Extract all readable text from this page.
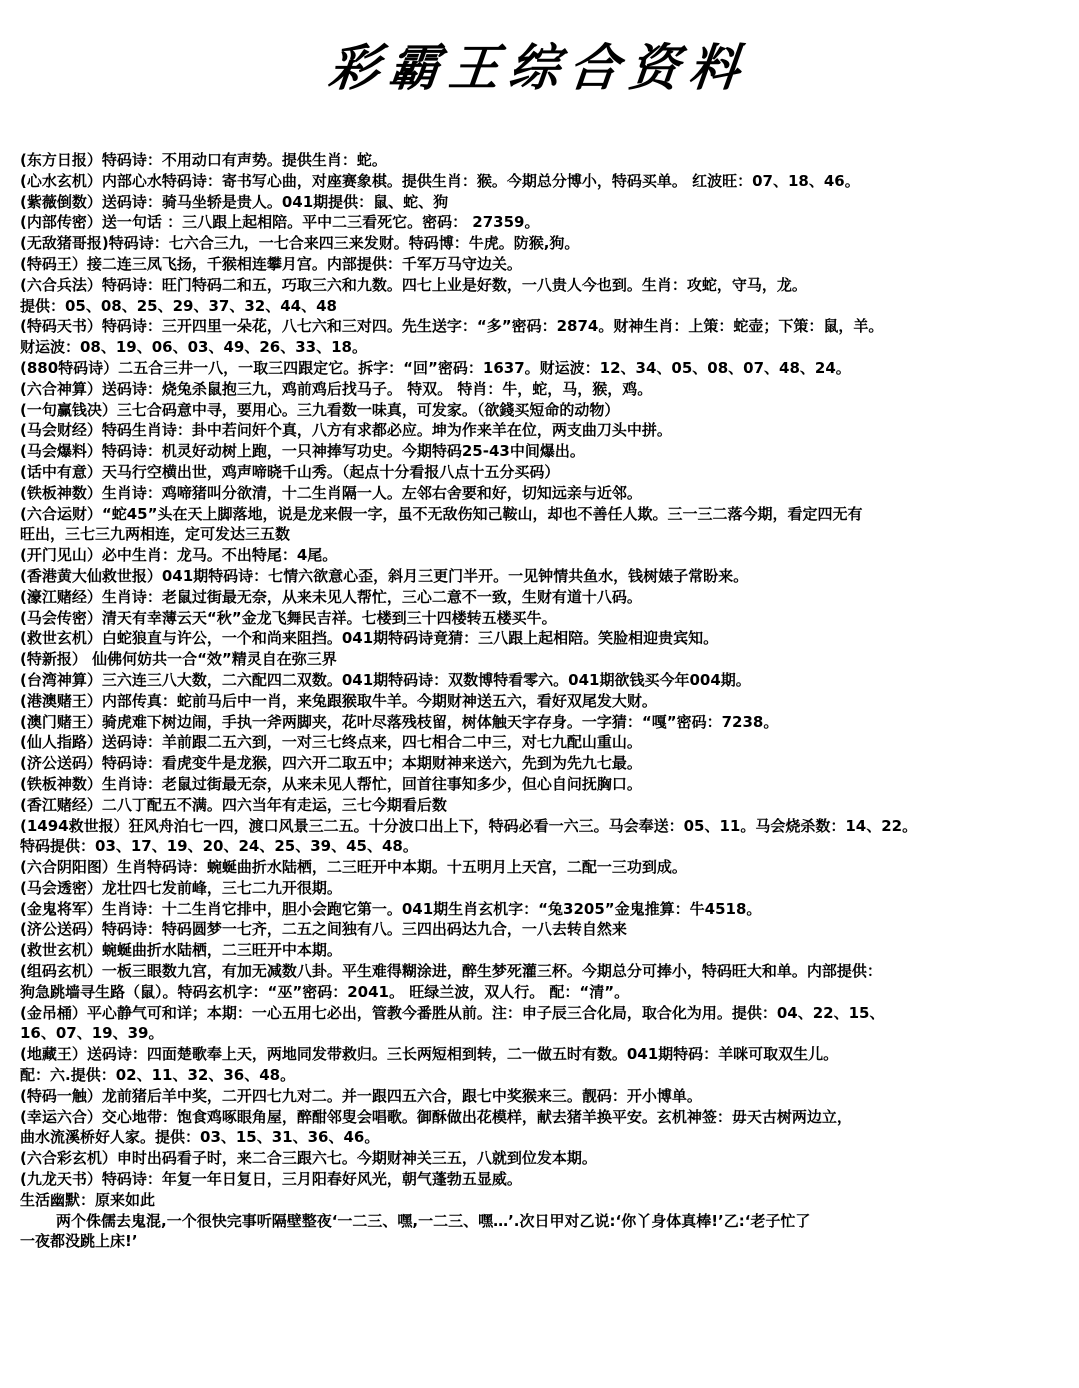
彩霸王综合资料
(东方日报）特码诗：不用动口有声势。提供生肖：蛇。
(心水玄机）内部心水特码诗：寄书写心曲，对座赛象棋。提供生肖：猴。今期总分博小，特码买单。 红波旺：07、18、46。
(紫薇倒数）送码诗：骑马坐轿是贵人。041期提供：鼠、蛇、狗
(内部传密）送一句话 ：三八跟上起相陪。平中二三看死它。密码： 27359。
(无敌猪哥报)特码诗：七六合三九，一七合来四三来发财。特码博：牛虎。防猴,狗。
(特码王）接二连三凤飞扬，千猴相连攀月宫。内部提供：千军万马守边关。
(六合兵法）特码诗：旺门特码二和五，巧取三六和九数。四七上业是好数，一八贵人今也到。生肖：攻蛇，守马，龙。
提供：05、08、25、29、37、32、44、48
(特码天书）特码诗：三开四里一朵花，八七六和三对四。先生送字：“多”密码：2874。财神生肖：上策：蛇壶；下策：鼠，羊。
财运波：08、19、06、03、49、26、33、18。
(880特码诗）二五合三井一八，一取三四跟定它。拆字：“回”密码：1637。财运波：12、34、05、08、07、48、24。
(六合神算）送码诗：烧兔杀鼠抱三九，鸡前鸡后找马子。 特双。 特肖：牛，蛇，马，猴，鸡。
(一句赢钱决）三七合码意中寻，要用心。三九看数一味真，可发家。（欲錢买短命的动物）
(马会财经）特码生肖诗：卦中若问奸个真，八方有求都必应。坤为作来羊在位，两支曲刀头中拼。
(马会爆料）特码诗：机灵好动树上跑，一只神捧写功史。今期特码25-43中间爆出。
(话中有意）天马行空横出世，鸡声啼晓千山秀。（起点十分看报八点十五分买码）
(铁板神数）生肖诗：鸡啼猪叫分欲清，十二生肖隔一人。左邻右舍要和好，切知远亲与近邻。
(六合运财）“蛇45”头在天上脚落地，说是龙来假一字，虽不无敌伤知己鞍山，却也不善任人欺。三一三二落今期，看定四无有
旺出，三七三九两相连，定可发达三五数
(开门见山）必中生肖：龙马。不出特尾：4尾。
(香港黄大仙救世报）041期特码诗：七情六欲意心歪，斜月三更门半开。一见钟情共鱼水，钱树婊子常盼来。
(濠江赌经）生肖诗：老鼠过街最无奈，从来未见人帮忙，三心二意不一致，生财有道十八码。
(马会传密）清天有幸薄云天“秋”金龙飞舞民吉祥。七楼到三十四楼转五楼买牛。
(救世玄机）白蛇狼直与许公，一个和尚来阻挡。041期特码诗竟猜：三八跟上起相陪。笑脸相迎贵宾知。
(特新报） 仙佛何妨共一合“效”精灵自在弥三界
(台湾神算）三六连三八大数，二六配四二双数。041期特码诗：双数博特看零六。041期欲钱买今年004期。
(港澳赌王）内部传真：蛇前马后中一肖，来兔跟猴取牛羊。今期财神送五六，看好双尾发大财。
(澳门赌王）骑虎难下树边闹，手执一斧两脚夹，花叶尽落残枝留，树体触天字存身。一字猜：“嘎”密码：7238。
(仙人指路）送码诗：羊前跟二五六到，一对三七终点来，四七相合二中三，对七九配山重山。
(济公送码）特码诗：看虎变牛是龙猴，四六开二取五中；本期财神来送六，先到为先九七最。
(铁板神数）生肖诗：老鼠过街最无奈，从来未见人帮忙，回首往事知多少，但心自问抚胸口。
(香江赌经）二八丁配五不满。四六当年有走运，三七今期看后数
(1494救世报）狂风舟泊七一四，渡口风景三二五。十分波口出上下，特码必看一六三。马会奉送：05、11。马会烧杀数：14、22。
特码提供：03、17、19、20、24、25、39、45、48。
(六合阴阳图）生肖特码诗：蜿蜒曲折水陆栖，二三旺开中本期。十五明月上天宫，二配一三功到成。
(马会透密）龙壮四七发前峰，三七二九开很期。
(金鬼将军）生肖诗：十二生肖它排中，胆小会跑它第一。041期生肖玄机字：“兔3205”金鬼推算：牛4518。
(济公送码）特码诗：特码圆梦一七齐，二五之间独有八。三四出码达九合，一八去转自然来
(救世玄机）蜿蜒曲折水陆栖，二三旺开中本期。
(组码玄机）一板三眼数九宫，有加无减数八卦。平生难得糊涂进，醉生梦死灌三杯。今期总分可捧小，特码旺大和单。内部提供：
狗急跳墙寻生路（鼠）。特码玄机字：“巫”密码：2041。 旺绿兰波，双人行。 配：“清”。
(金吊桶）平心静气可和详；本期：一心五用七必出，管教今番胜从前。注：申子辰三合化局，取合化为用。提供：04、22、15、
16、07、19、39。
(地藏王）送码诗：四面楚歌奉上天，两地同发带救归。三长两短相到转，二一做五时有数。041期特码：羊咪可取双生儿。
配：六.提供：02、11、32、36、48。
(特码一触）龙前猪后羊中奖，二开四七九对二。并一跟四五六合，跟七中奖猴来三。靓码：开小博单。
(幸运六合）交心地带：饱食鸡啄眼角屋，醉酣邻叟会唱歌。御酥做出花模样，献去猪羊换平安。玄机神签：毋天古树两边立，
曲水流溪桥好人家。提供：03、15、31、36、46。
(六合彩玄机）申时出码看子时，来二合三跟六七。今期财神关三五，八就到位发本期。
(九龙天书）特码诗：年复一年日复日，三月阳春好风光，朝气蓬勃五显威。
生活幽默：原来如此
两个侏儒去鬼混,一个很快完事听隔壁整夜‘一二三、嘿,一二三、嘿…’.次日甲对乙说:‘你丫身体真棒!’乙:‘老子忙了
一夜都没跳上床!’
